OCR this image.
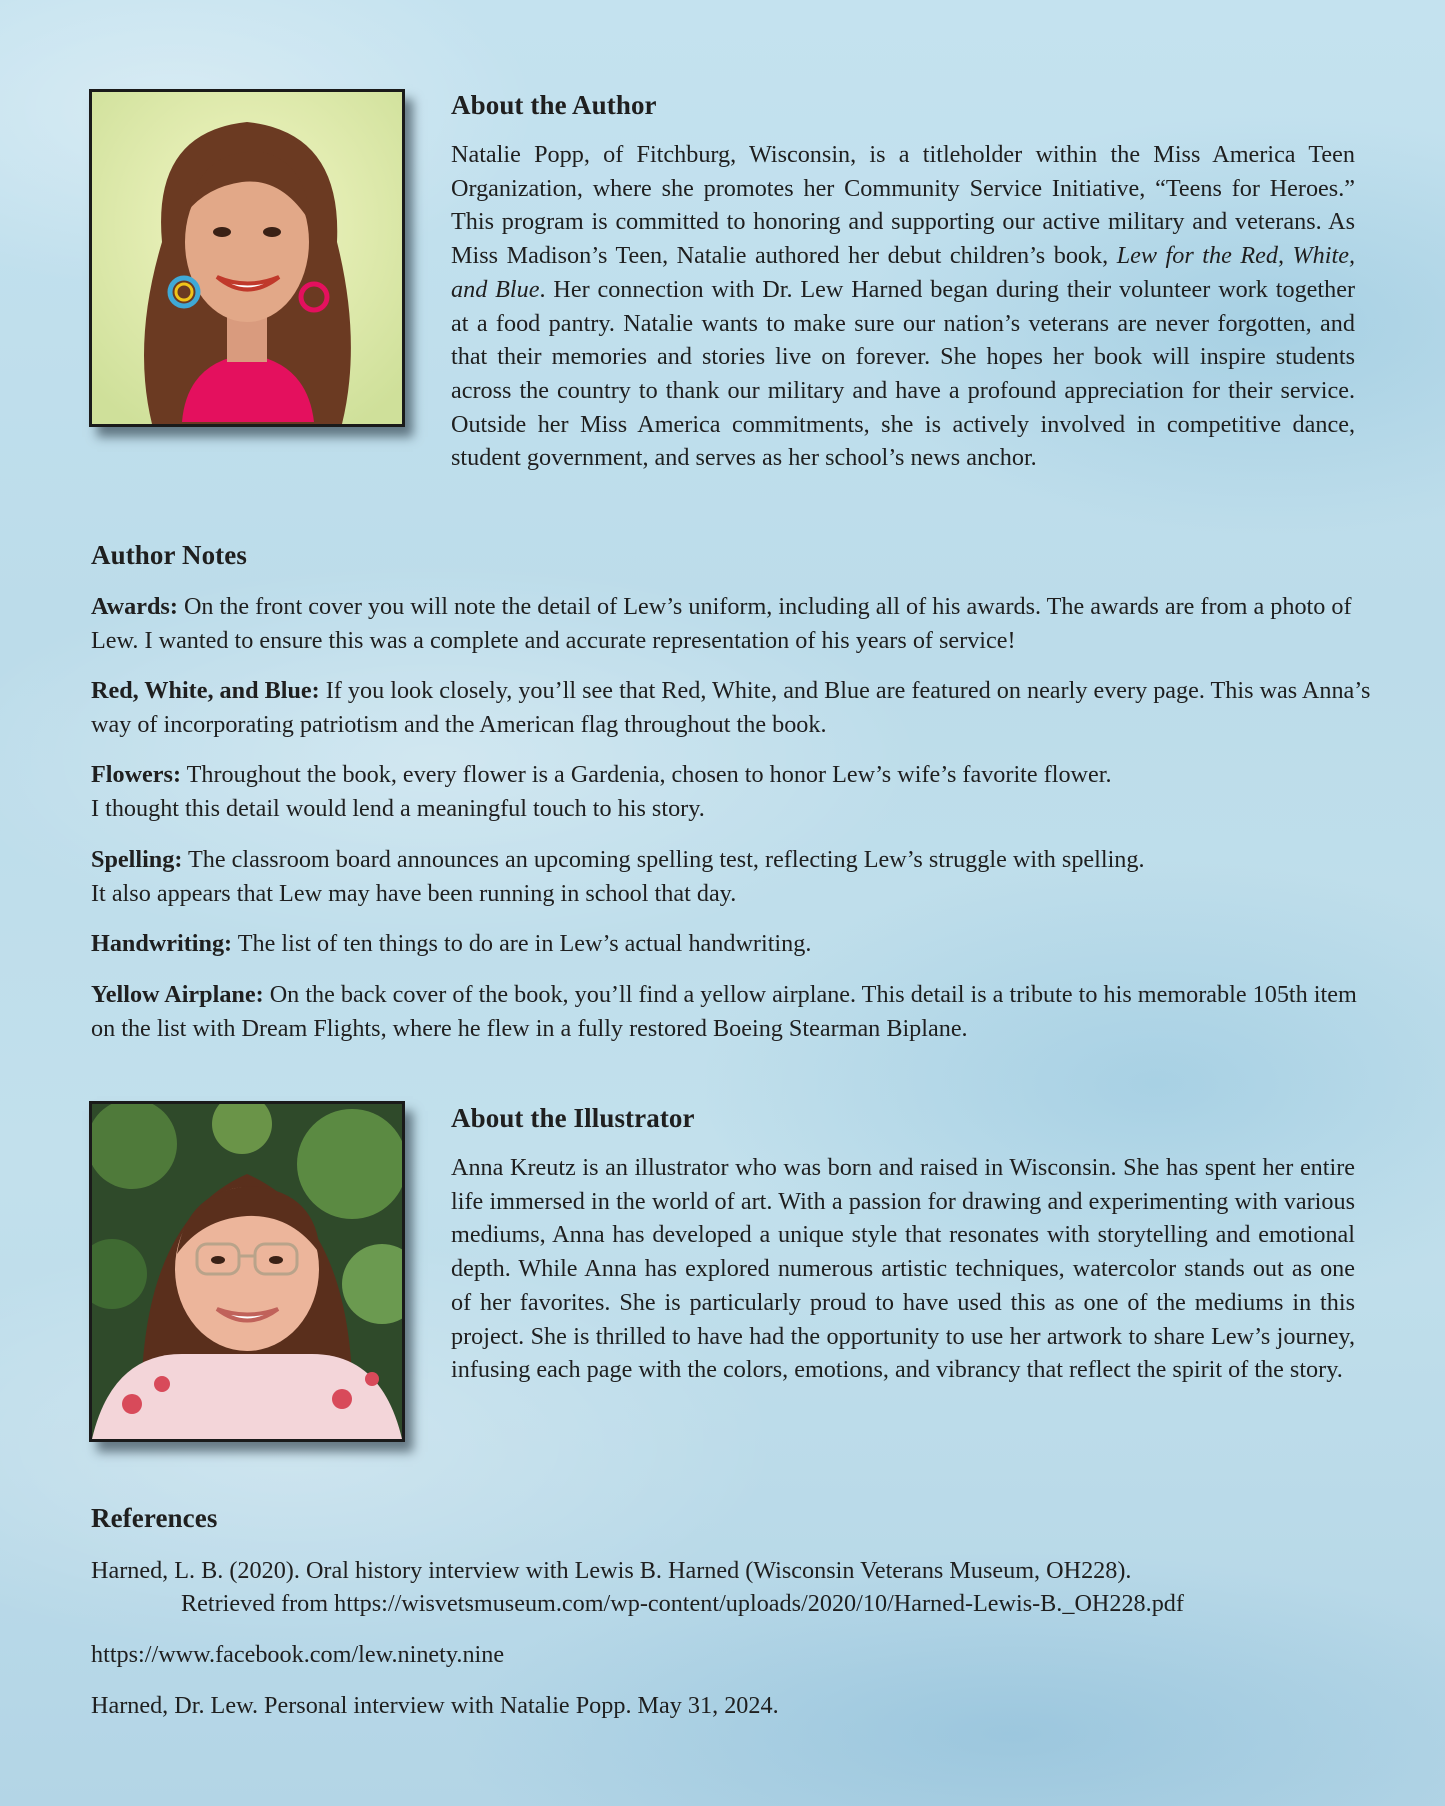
About the Author

Natalie Popp, of Fitchburg, Wisconsin, is a titleholder within the Miss America Teen Organization, where she promotes her Community Service Initiative, “Teens for Heroes.” This program is committed to honoring and supporting our active military and veterans. As Miss Madison’s Teen, Natalie authored her debut children’s book, Lew for the Red, White, and Blue. Her connection with Dr. Lew Harned began during their volunteer work together at a food pantry. Natalie wants to make sure our nation’s veterans are never forgotten, and that their memories and stories live on forever. She hopes her book will inspire students across the country to thank our military and have a profound appreciation for their service. Outside her Miss America commitments, she is actively involved in competitive dance, student government, and serves as her school’s news anchor.

Author Notes

Awards: On the front cover you will note the detail of Lew’s uniform, including all of his awards. The awards are from a photo of Lew. I wanted to ensure this was a complete and accurate representation of his years of service!

Red, White, and Blue: If you look closely, you’ll see that Red, White, and Blue are featured on nearly every page. This was Anna’s way of incorporating patriotism and the American flag throughout the book.

Flowers: Throughout the book, every flower is a Gardenia, chosen to honor Lew’s wife’s favorite flower.
I thought this detail would lend a meaningful touch to his story.

Spelling: The classroom board announces an upcoming spelling test, reflecting Lew’s struggle with spelling.
It also appears that Lew may have been running in school that day.

Handwriting: The list of ten things to do are in Lew’s actual handwriting.

Yellow Airplane: On the back cover of the book, you’ll find a yellow airplane. This detail is a tribute to his memorable 105th item on the list with Dream Flights, where he flew in a fully restored Boeing Stearman Biplane.

About the Illustrator

Anna Kreutz is an illustrator who was born and raised in Wisconsin. She has spent her entire life immersed in the world of art. With a passion for drawing and experimenting with various mediums, Anna has developed a unique style that resonates with storytelling and emotional depth. While Anna has explored numerous artistic techniques, watercolor stands out as one of her favorites. She is particularly proud to have used this as one of the mediums in this project. She is thrilled to have had the opportunity to use her artwork to share Lew’s journey, infusing each page with the colors, emotions, and vibrancy that reflect the spirit of the story.

References

Harned, L. B. (2020). Oral history interview with Lewis B. Harned (Wisconsin Veterans Museum, OH228).
Retrieved from https://wisvetsmuseum.com/wp-content/uploads/2020/10/Harned-Lewis-B._OH228.pdf

https://www.facebook.com/lew.ninety.nine

Harned, Dr. Lew. Personal interview with Natalie Popp. May 31, 2024.
